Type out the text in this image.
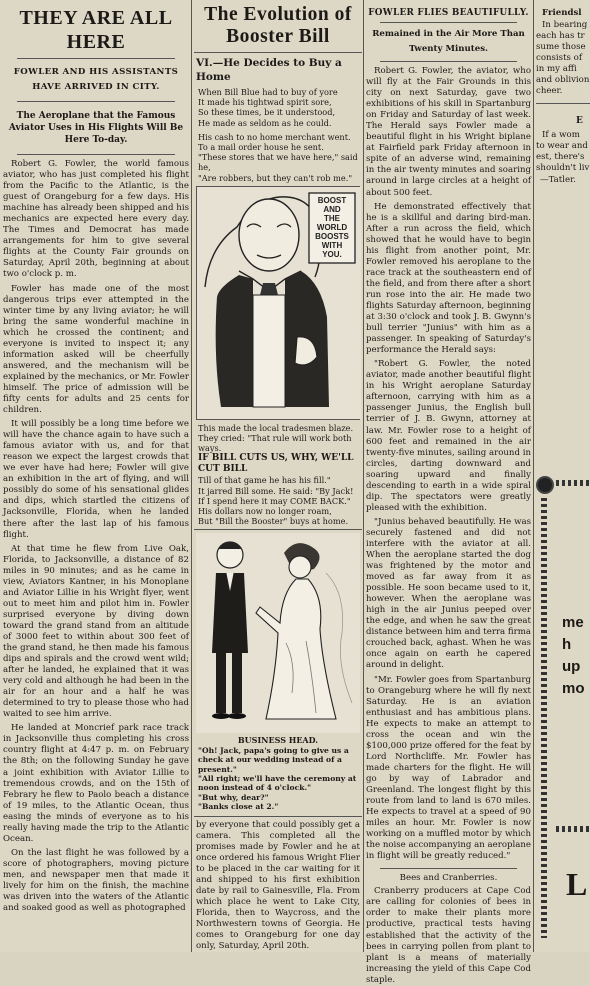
THEY ARE ALL HERE
FOWLER AND HIS ASSISTANTS HAVE ARRIVED IN CITY.
The Aeroplane that the Famous Aviator Uses in His Flights Will Be Here To-day.

Robert G. Fowler, the world famous aviator, who has just completed his flight from the Pacific to the Atlantic, is the guest of Orangeburg for a few days. His machine has already been shipped and his mechanics are expected here every day. The Times and Democrat has made arrangements for him to give several flights at the County Fair grounds on Saturday, April 20th, beginning at about two o'clock p. m.

Fowler has made one of the most dangerous trips ever attempted in the winter time by any living aviator; he will bring the same wonderful machine in which he crossed the continent; and everyone is invited to inspect it; any information asked will be cheerfully answered, and the mechanism will be explained by the mechanics, or Mr. Fowler himself. The price of admission will be fifty cents for adults and 25 cents for children.

It will possibly be a long time before we will have the chance again to have such a famous aviator with us, and for that reason we expect the largest crowds that we ever have had here; Fowler will give an exhibition in the art of flying, and will possibly do some of his sensational glides and dips, which startled the citizens of Jacksonville, Florida, when he landed there after the last lap of his famous flight.

At that time he flew from Live Oak, Florida, to Jacksonville, a distance of 82 miles in 90 minutes; and as he came in view, Aviators Kantner, in his Monoplane and Aviator Lillie in his Wright flyer, went out to meet him and pilot him in. Fowler surprised everyone by diving down toward the grand stand from an altitude of 3000 feet to within about 300 feet of the grand stand, he then made his famous dips and spirals and the crowd went wild; after he landed, he explained that it was very cold and although he had been in the air for an hour and a half he was determined to try to please those who had waited to see him arrive.

He landed at Moncrief park race track in Jacksonville thus completing his cross country flight at 4:47 p. m. on February the 8th; on the following Sunday he gave a joint exhibition with Aviator Lillie to tremendous crowds, and on the 15th of Febrary he flew to Paolo beach a distance of 19 miles, to the Atlantic Ocean, thus easing the minds of everyone as to his really having made the trip to the Atlantic Ocean.

On the last flight he was followed by a score of photographers, moving picture men, and newspaper men that made it lively for him on the finish, the machine was driven into the waters of the Atlantic and soaked good as well as photographed

The Evolution of Booster Bill
VI.—He Decides to Buy a Home
When Bill Blue had to buy of yore
It made his tightwad spirit sore,
So these times, be it understood,
He made as seldom as he could.
His cash to no home merchant went.
To a mail order house he sent.
"These stores that we have here," said he,
"Are robbers, but they can't rob me."
BOOST
AND
THE
WORLD
BOOSTS
WITH
YOU.
This made the local tradesmen blaze.
They cried: "That rule will work both ways.
IF BILL CUTS US, WHY, WE'LL CUT BILL
Till of that game he has his fill."
It jarred Bill some. He said: "By Jack!
If I spend here it may COME BACK."
His dollars now no longer roam,
But "Bill the Booster" buys at home.
BUSINESS HEAD.
"Oh! Jack, papa's going to give us a check at our wedding instead of a present."
"All right; we'll have the ceremony at noon instead of 4 o'clock."
"But why, dear?"
"Banks close at 2."

by everyone that could possibly get a camera. This completed all the promises made by Fowler and he at once ordered his famous Wright Flier to be placed in the car waiting for it and shipped to his first exhibition date by rail to Gainesville, Fla. From which place he went to Lake City, Florida, then to Waycross, and the Northwestern towns of Georgia. He comes to Orangeburg for one day only, Saturday, April 20th.

FOWLER FLIES BEAUTIFULLY.
Remained in the Air More Than Twenty Minutes.

Robert G. Fowler, the aviator, who will fly at the Fair Grounds in this city on next Saturday, gave two exhibitions of his skill in Spartanburg on Friday and Saturday of last week. The Herald says Fowler made a beautiful flight in his Wright biplane at Fairfield park Friday afternoon in spite of an adverse wind, remaining in the air twenty minutes and soaring around in large circles at a height of about 500 feet.

He demonstrated effectively that he is a skillful and daring bird-man. After a run across the field, which showed that he would have to begin his flight from another point, Mr. Fowler removed his aeroplane to the race track at the southeastern end of the field, and from there after a short run rose into the air. He made two flights Saturday afternoon, beginning at 3:30 o'clock and took J. B. Gwynn's bull terrier "Junius" with him as a passenger. In speaking of Saturday's performance the Herald says:

"Robert G. Fowler, the noted aviator, made another beautiful flight in his Wright aeroplane Saturday afternoon, carrying with him as a passenger Junius, the English bull terrier of J. B. Gwynn, attorney at law. Mr. Fowler rose to a height of 600 feet and remained in the air twenty-five minutes, sailing around in circles, darting downward and soaring upward and finally descending to earth in a wide spiral dip. The spectators were greatly pleased with the exhibition.

"Junius behaved beautifully. He was securely fastened and did not interfere with the aviator at all. When the aeroplane started the dog was frightened by the motor and moved as far away from it as possible. He soon became used to it, however. When the aeroplane was high in the air Junius peeped over the edge, and when he saw the great distance between him and terra firma crouched back, aghast. When he was once again on earth he capered around in delight.

"Mr. Fowler goes from Spartanburg to Orangeburg where he will fly next Saturday. He is an aviation enthusiast and has ambitious plans. He expects to make an attempt to cross the ocean and win the $100,000 prize offered for the feat by Lord Northcliffe. Mr. Fowler has made charters for the flight. He will go by way of Labrador and Greenland. The longest flight by this route from land to land is 670 miles. He expects to travel at a speed of 90 miles an hour. Mr. Fowler is now working on a muffled motor by which the noise accompanying an aeroplane in flight will be greatly reduced."

Bees and Cranberries.

Cranberry producers at Cape Cod are calling for colonies of bees in order to make their plants more productive, practical tests having established that the activity of the bees in carrying pollen from plant to plant is a means of materially increasing the yield of this Cape Cod staple.

Friendsl
In bearing
each has tr
sume those
consists of
in my affi
and oblivion
cheer.
E
If a wom
to wear and
est, there's
shouldn't liv
—Tatler.
me
h
up
mo
L
